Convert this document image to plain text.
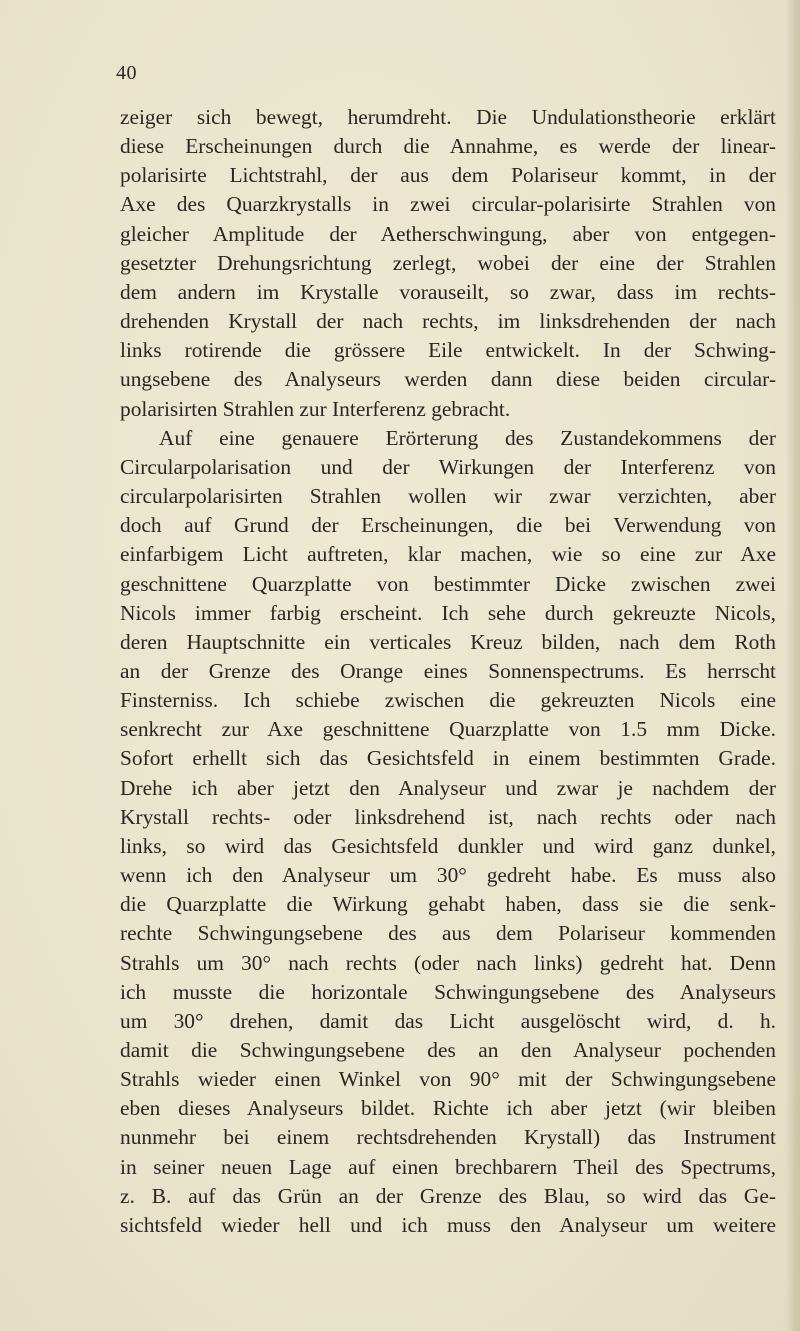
40
zeiger sich bewegt, herumdreht. Die Undulationstheorie erklärt
diese Erscheinungen durch die Annahme, es werde der linear-
polarisirte Lichtstrahl, der aus dem Polariseur kommt, in der
Axe des Quarzkrystalls in zwei circular-polarisirte Strahlen von
gleicher Amplitude der Aetherschwingung, aber von entgegen-
gesetzter Drehungsrichtung zerlegt, wobei der eine der Strahlen
dem andern im Krystalle vorauseilt, so zwar, dass im rechts-
drehenden Krystall der nach rechts, im linksdrehenden der nach
links rotirende die grössere Eile entwickelt. In der Schwing-
ungsebene des Analyseurs werden dann diese beiden circular-
polarisirten Strahlen zur Interferenz gebracht.
Auf eine genauere Erörterung des Zustandekommens der
Circularpolarisation und der Wirkungen der Interferenz von
circularpolarisirten Strahlen wollen wir zwar verzichten, aber
doch auf Grund der Erscheinungen, die bei Verwendung von
einfarbigem Licht auftreten, klar machen, wie so eine zur Axe
geschnittene Quarzplatte von bestimmter Dicke zwischen zwei
Nicols immer farbig erscheint. Ich sehe durch gekreuzte Nicols,
deren Hauptschnitte ein verticales Kreuz bilden, nach dem Roth
an der Grenze des Orange eines Sonnenspectrums. Es herrscht
Finsterniss. Ich schiebe zwischen die gekreuzten Nicols eine
senkrecht zur Axe geschnittene Quarzplatte von 1.5 mm Dicke.
Sofort erhellt sich das Gesichtsfeld in einem bestimmten Grade.
Drehe ich aber jetzt den Analyseur und zwar je nachdem der
Krystall rechts- oder linksdrehend ist, nach rechts oder nach
links, so wird das Gesichtsfeld dunkler und wird ganz dunkel,
wenn ich den Analyseur um 30° gedreht habe. Es muss also
die Quarzplatte die Wirkung gehabt haben, dass sie die senk-
rechte Schwingungsebene des aus dem Polariseur kommenden
Strahls um 30° nach rechts (oder nach links) gedreht hat. Denn
ich musste die horizontale Schwingungsebene des Analyseurs
um 30° drehen, damit das Licht ausgelöscht wird, d. h.
damit die Schwingungsebene des an den Analyseur pochenden
Strahls wieder einen Winkel von 90° mit der Schwingungsebene
eben dieses Analyseurs bildet. Richte ich aber jetzt (wir bleiben
nunmehr bei einem rechtsdrehenden Krystall) das Instrument
in seiner neuen Lage auf einen brechbarern Theil des Spectrums,
z. B. auf das Grün an der Grenze des Blau, so wird das Ge-
sichtsfeld wieder hell und ich muss den Analyseur um weitere
